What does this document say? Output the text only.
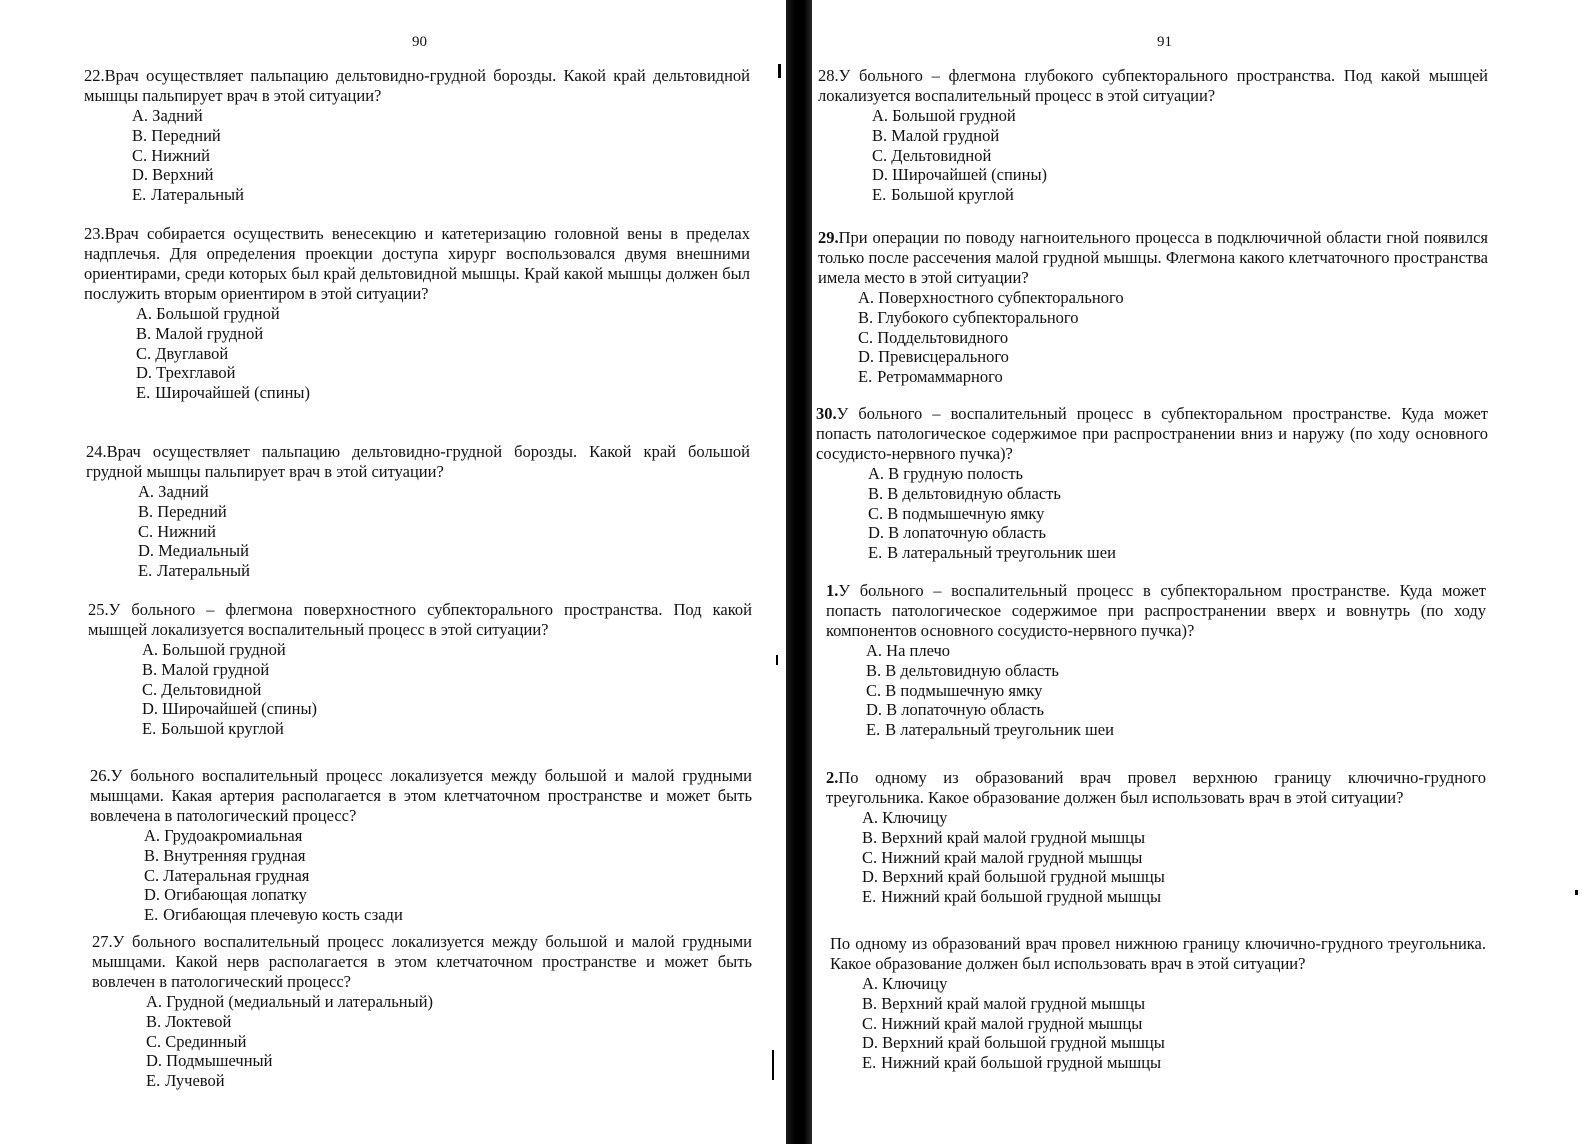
90

22.Врач осуществляет пальпацию дельтовидно-грудной борозды. Какой край дельтовидной мышцы пальпирует врач в этой ситуации?

A. Задний
B. Передний
C. Нижний
D. Верхний
E. Латеральный

23.Врач собирается осуществить венесекцию и катетеризацию головной вены в пределах надплечья. Для определения проекции доступа хирург воспользовался двумя внешними ориентирами, среди которых был край дельтовидной мышцы. Край какой мышцы должен был послужить вторым ориентиром в этой ситуации?

A. Большой грудной
B. Малой грудной
C. Двуглавой
D. Трехглавой
E. Широчайшей (спины)

24.Врач осуществляет пальпацию дельтовидно-грудной борозды. Какой край большой грудной мышцы пальпирует врач в этой ситуации?

A. Задний
B. Передний
C. Нижний
D. Медиальный
E. Латеральный

25.У больного – флегмона поверхностного субпекторального пространства. Под какой мышцей локализуется воспалительный процесс в этой ситуации?

A. Большой грудной
B. Малой грудной
C. Дельтовидной
D. Широчайшей (спины)
E. Большой круглой

26.У больного воспалительный процесс локализуется между большой и малой грудными мышцами. Какая артерия располагается в этом клетчаточном пространстве и может быть вовлечена в патологический процесс?

A. Грудоакромиальная
B. Внутренняя грудная
C. Латеральная грудная
D. Огибающая лопатку
E. Огибающая плечевую кость сзади

27.У больного воспалительный процесс локализуется между большой и малой грудными мышцами. Какой нерв располагается в этом клетчаточном пространстве и может быть вовлечен в патологический процесс?

A. Грудной (медиальный и латеральный)
B. Локтевой
C. Срединный
D. Подмышечный
E. Лучевой
91

28.У больного – флегмона глубокого субпекторального пространства. Под какой мышцей локализуется воспалительный процесс в этой ситуации?

A. Большой грудной
B. Малой грудной
C. Дельтовидной
D. Широчайшей (спины)
E. Большой круглой

29.При операции по поводу нагноительного процесса в подключичной области гной появился только после рассечения малой грудной мышцы. Флегмона какого клетчаточного пространства имела место в этой ситуации?

A. Поверхностного субпекторального
B. Глубокого субпекторального
C. Поддельтовидного
D. Превисцерального
E. Ретромаммарного

30.У больного – воспалительный процесс в субпекторальном пространстве. Куда может попасть патологическое содержимое при распространении вниз и наружу (по ходу основного сосудисто-нервного пучка)?

A. В грудную полость
B. В дельтовидную область
C. В подмышечную ямку
D. В лопаточную область
E. В латеральный треугольник шеи

1.У больного – воспалительный процесс в субпекторальном пространстве. Куда может попасть патологическое содержимое при распространении вверх и вовнутрь (по ходу компонентов основного сосудисто-нервного пучка)?

A. На плечо
B. В дельтовидную область
C. В подмышечную ямку
D. В лопаточную область
E. В латеральный треугольник шеи

2.По одному из образований врач провел верхнюю границу ключично-грудного треугольника. Какое образование должен был использовать врач в этой ситуации?

A. Ключицу
B. Верхний край малой грудной мышцы
C. Нижний край малой грудной мышцы
D. Верхний край большой грудной мышцы
E. Нижний край большой грудной мышцы

По одному из образований врач провел нижнюю границу ключично-грудного треугольника. Какое образование должен был использовать врач в этой ситуации?

A. Ключицу
B. Верхний край малой грудной мышцы
C. Нижний край малой грудной мышцы
D. Верхний край большой грудной мышцы
E. Нижний край большой грудной мышцы
